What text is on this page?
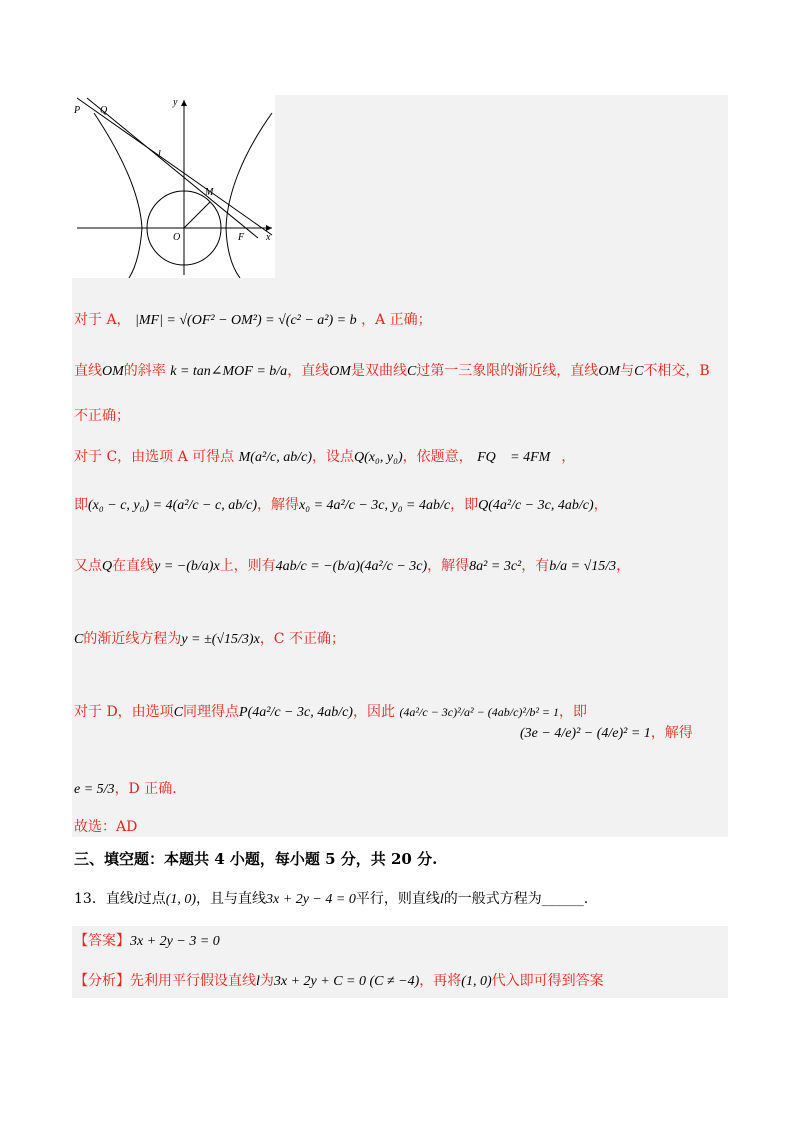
P Q
l
M
O	F x
y
对于 A， |MF| = √(OF² − OM²) = √(c² − a²) = b ，A 正确；
直线OM的斜率 k = tan∠MOF = b/a，直线OM是双曲线C过第一三象限的渐近线，直线OM与C不相交，B
不正确；
对于 C，由选项 A 可得点 M(a²/c, ab/c)，设点Q(x₀, y₀)，依题意， FQ⃗ = 4FM⃗，
即(x₀ − c, y₀) = 4(a²/c − c, ab/c)，解得x₀ = 4a²/c − 3c, y₀ = 4ab/c，即Q(4a²/c − 3c, 4ab/c)，
又点Q在直线y = −(b/a)x上，则有4ab/c = −(b/a)(4a²/c − 3c)，解得8a² = 3c²，有b/a = √15/3，
C的渐近线方程为y = ±(√15/3)x，C 不正确；
对于 D，由选项C同理得点P(4a²/c − 3c, 4ab/c)，因此 (4a²/c − 3c)²/a² − (4ab/c)²/b² = 1，即
(3e − 4/e)² − (4/e)² = 1，解得
e = 5/3，D 正确.
故选：AD
三、填空题：本题共 4 小题，每小题 5 分，共 20 分.
13．直线l过点(1, 0)，且与直线3x + 2y − 4 = 0平行，则直线l的一般式方程为______.
【答案】3x + 2y − 3 = 0
【分析】先利用平行假设直线l为3x + 2y + C = 0 (C ≠ −4)，再将(1, 0)代入即可得到答案
